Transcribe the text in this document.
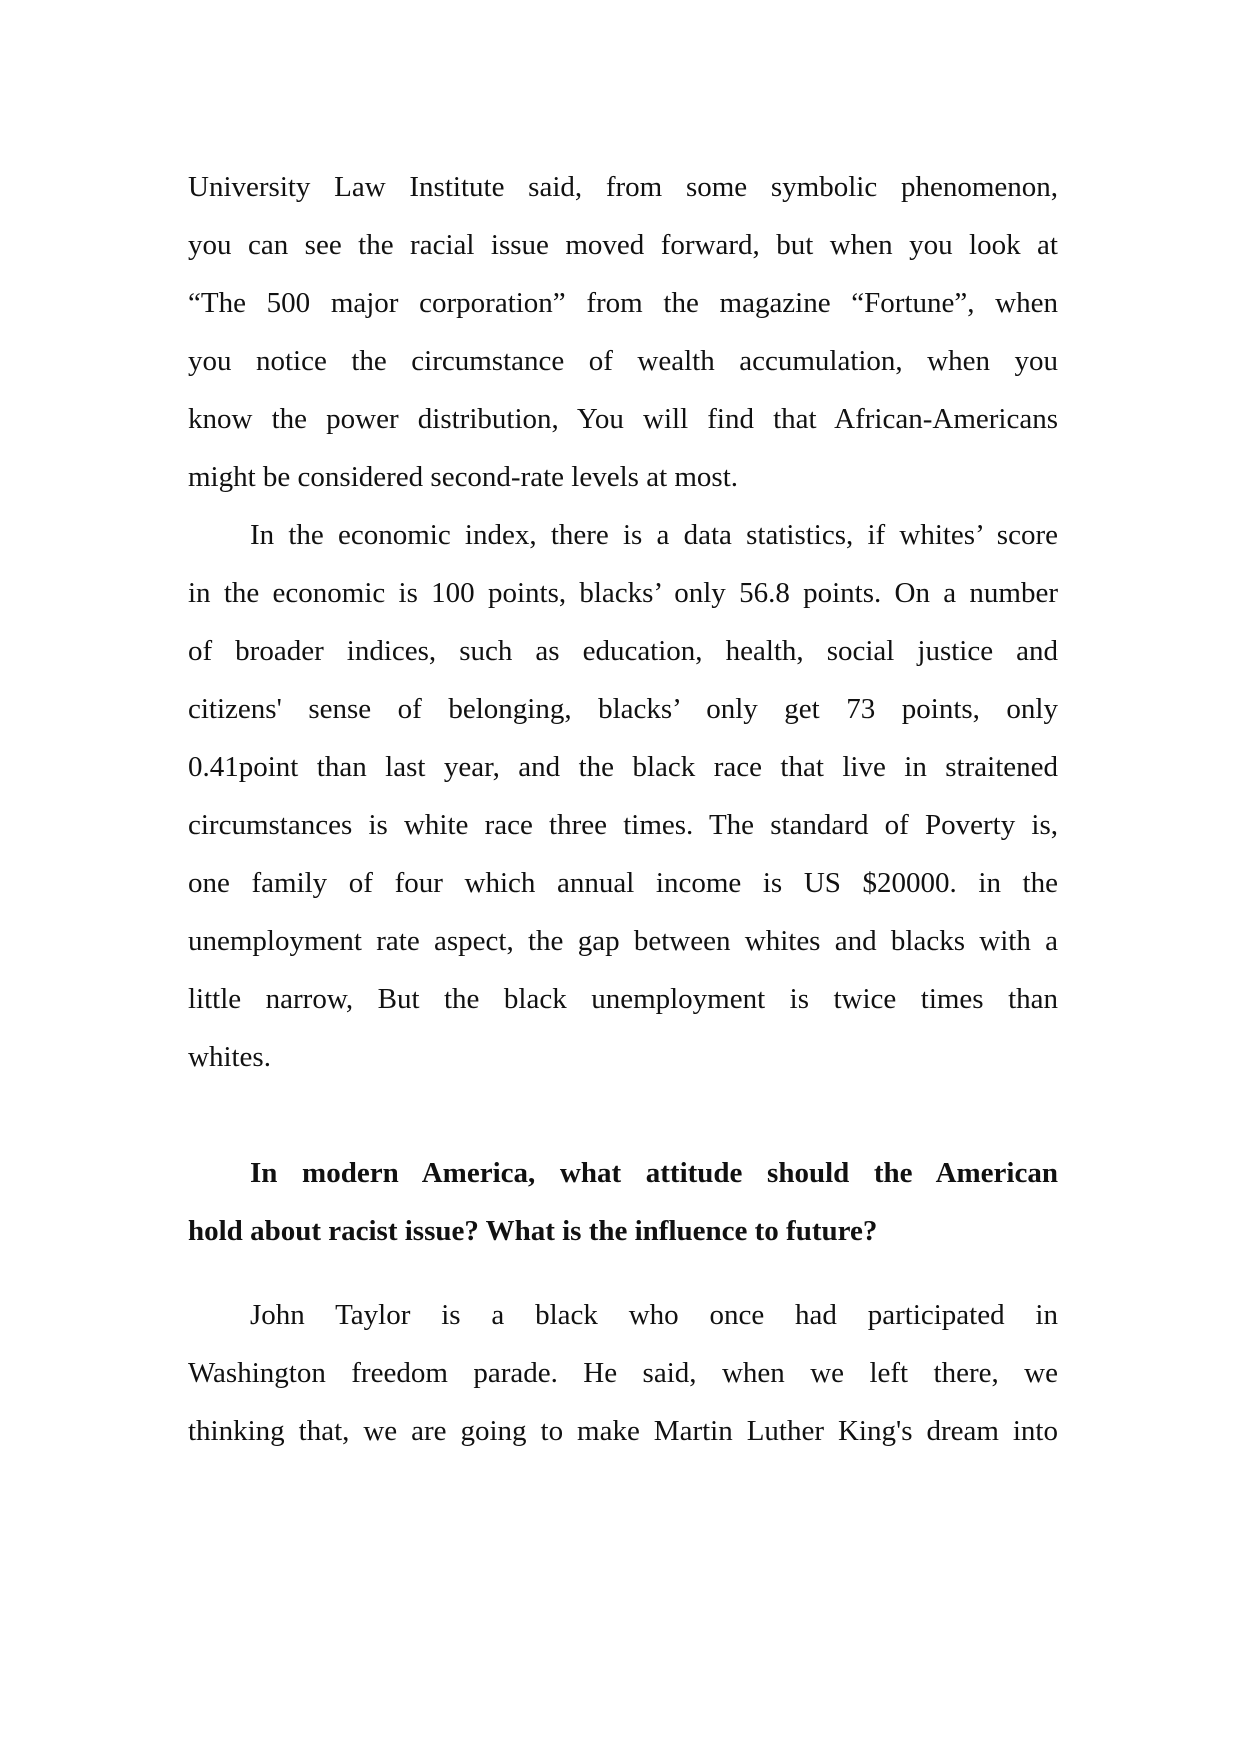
University Law Institute said, from some symbolic phenomenon,
you can see the racial issue moved forward, but when you look at
“The 500 major corporation” from the magazine “Fortune”, when
you notice the circumstance of wealth accumulation, when you
know the power distribution, You will find that African-Americans
might be considered second-rate levels at most.
In the economic index, there is a data statistics, if whites’ score
in the economic is 100 points, blacks’ only 56.8 points. On a number
of broader indices, such as education, health, social justice and
citizens' sense of belonging, blacks’ only get 73 points, only
0.41point than last year, and the black race that live in straitened
circumstances is white race three times. The standard of Poverty is,
one family of four which annual income is US $20000. in the
unemployment rate aspect, the gap between whites and blacks with a
little narrow, But the black unemployment is twice times than
whites.
In modern America, what attitude should the American
hold about racist issue? What is the influence to future?
John Taylor is a black who once had participated in
Washington freedom parade. He said, when we left there, we
thinking that, we are going to make Martin Luther King's dream into
